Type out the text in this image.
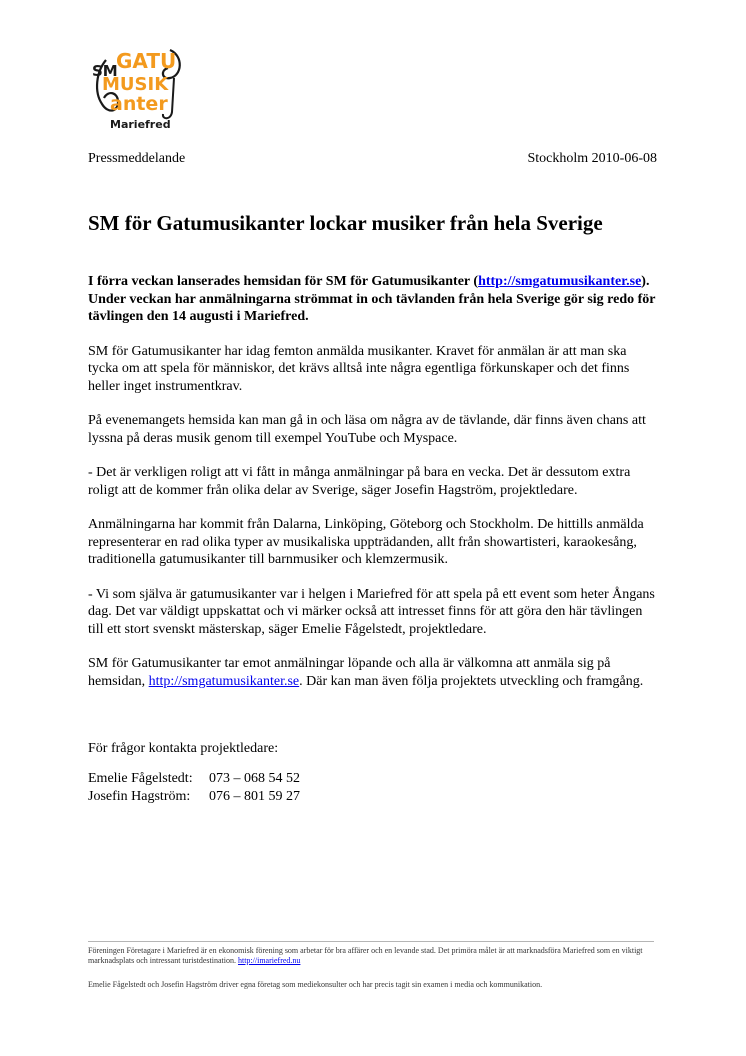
SM
GATU
MUSIK
anter
Mariefred
Pressmeddelande	Stockholm 2010-06-08
SM för Gatumusikanter lockar musiker från hela Sverige

I förra veckan lanserades hemsidan för SM för Gatumusikanter (http://smgatumusikanter.se). Under veckan har anmälningarna strömmat in och tävlanden från hela Sverige gör sig redo för tävlingen den 14 augusti i Mariefred.

SM för Gatumusikanter har idag femton anmälda musikanter. Kravet för anmälan är att man ska tycka om att spela för människor, det krävs alltså inte några egentliga förkunskaper och det finns heller inget instrumentkrav.

På evenemangets hemsida kan man gå in och läsa om några av de tävlande, där finns även chans att lyssna på deras musik genom till exempel YouTube och Myspace.

- Det är verkligen roligt att vi fått in många anmälningar på bara en vecka. Det är dessutom extra roligt att de kommer från olika delar av Sverige, säger Josefin Hagström, projektledare.

Anmälningarna har kommit från Dalarna, Linköping, Göteborg och Stockholm. De hittills anmälda representerar en rad olika typer av musikaliska uppträdanden, allt från showartisteri, karaokesång, traditionella gatumusikanter till barnmusiker och klemzermusik.

- Vi som själva är gatumusikanter var i helgen i Mariefred för att spela på ett event som heter Ångans dag. Det var väldigt uppskattat och vi märker också att intresset finns för att göra den här tävlingen till ett stort svenskt mästerskap, säger Emelie Fågelstedt, projektledare.

SM för Gatumusikanter tar emot anmälningar löpande och alla är välkomna att anmäla sig på hemsidan, http://smgatumusikanter.se. Där kan man även följa projektets utveckling och framgång.

För frågor kontakta projektledare:
Emelie Fågelstedt:	073 – 068 54 52
Josefin Hagström:	076 – 801 59 27
Föreningen Företagare i Mariefred är en ekonomisk förening som arbetar för bra affärer och en levande stad. Det primöra målet är att marknadsföra Mariefred som en viktigt marknadsplats och intressant turistdestination. http://imariefred.nu
Emelie Fågelstedt och Josefin Hagström driver egna företag som mediekonsulter och har precis tagit sin examen i media och kommunikation.
